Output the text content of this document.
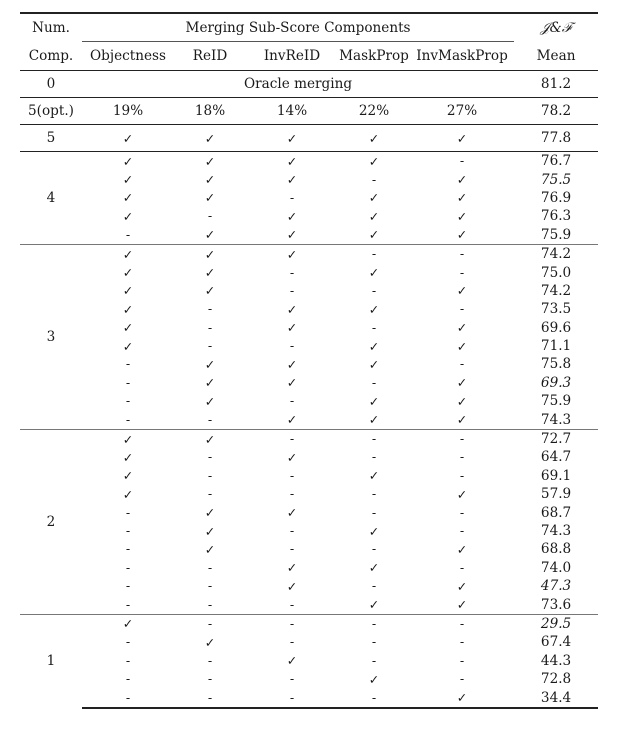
Num.	Merging Sub-Score Components					𝒥&ℱ
Comp.	Objectness	ReID	InvReID	MaskProp	InvMaskProp	Mean
0	Oracle merging					81.2
5(opt.)	19%	18%	14%	22%	27%	78.2
5	✓	✓	✓	✓	✓	77.8
4	✓	✓	✓	✓	-	76.7
	✓	✓	✓	-	✓	75.5
	✓	✓	-	✓	✓	76.9
	✓	-	✓	✓	✓	76.3
	-	✓	✓	✓	✓	75.9
3	✓	✓	✓	-	-	74.2
	✓	✓	-	✓	-	75.0
	✓	✓	-	-	✓	74.2
	✓	-	✓	✓	-	73.5
	✓	-	✓	-	✓	69.6
	✓	-	-	✓	✓	71.1
	-	✓	✓	✓	-	75.8
	-	✓	✓	-	✓	69.3
	-	✓	-	✓	✓	75.9
	-	-	✓	✓	✓	74.3
2	✓	✓	-	-	-	72.7
	✓	-	✓	-	-	64.7
	✓	-	-	✓	-	69.1
	✓	-	-	-	✓	57.9
	-	✓	✓	-	-	68.7
	-	✓	-	✓	-	74.3
	-	✓	-	-	✓	68.8
	-	-	✓	✓	-	74.0
	-	-	✓	-	✓	47.3
	-	-	-	✓	✓	73.6
1	✓	-	-	-	-	29.5
	-	✓	-	-	-	67.4
	-	-	✓	-	-	44.3
	-	-	-	✓	-	72.8
	-	-	-	-	✓	34.4
